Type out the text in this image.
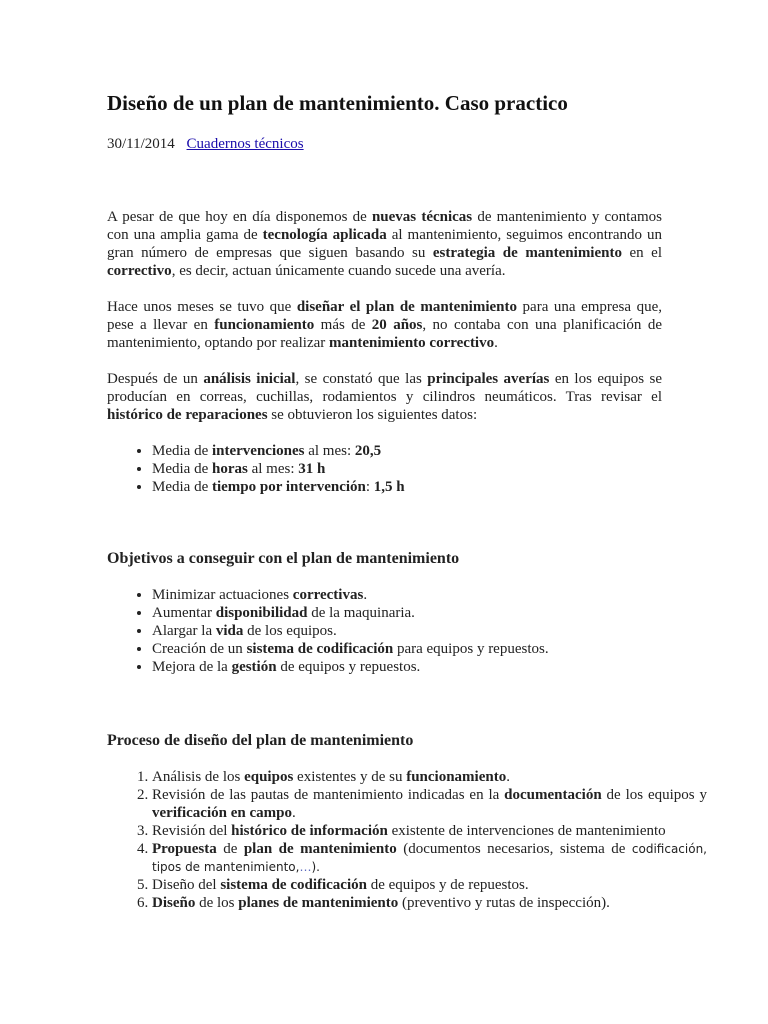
Diseño de un plan de mantenimiento. Caso practico
30/11/2014 Cuadernos técnicos

A pesar de que hoy en día disponemos de nuevas técnicas de mantenimiento y contamos con una amplia gama de tecnología aplicada al mantenimiento, seguimos encontrando un gran número de empresas que siguen basando su estrategia de mantenimiento en el correctivo, es decir, actuan únicamente cuando sucede una avería.

Hace unos meses se tuvo que diseñar el plan de mantenimiento para una empresa que, pese a llevar en funcionamiento más de 20 años, no contaba con una planificación de mantenimiento, optando por realizar mantenimiento correctivo.

Después de un análisis inicial, se constató que las principales averías en los equipos se producían en correas, cuchillas, rodamientos y cilindros neumáticos. Tras revisar el histórico de reparaciones se obtuvieron los siguientes datos:

• Media de intervenciones al mes: 20,5
• Media de horas al mes: 31 h
• Media de tiempo por intervención: 1,5 h
Objetivos a conseguir con el plan de mantenimiento
• Minimizar actuaciones correctivas.
• Aumentar disponibilidad de la maquinaria.
• Alargar la vida de los equipos.
• Creación de un sistema de codificación para equipos y repuestos.
• Mejora de la gestión de equipos y repuestos.
Proceso de diseño del plan de mantenimiento
1. Análisis de los equipos existentes y de su funcionamiento.
2. Revisión de las pautas de mantenimiento indicadas en la documentación de los equipos y verificación en campo.
3. Revisión del histórico de información existente de intervenciones de mantenimiento
4. Propuesta de plan de mantenimiento (documentos necesarios, sistema de codificación, tipos de mantenimiento,…).
5. Diseño del sistema de codificación de equipos y de repuestos.
6. Diseño de los planes de mantenimiento (preventivo y rutas de inspección).
